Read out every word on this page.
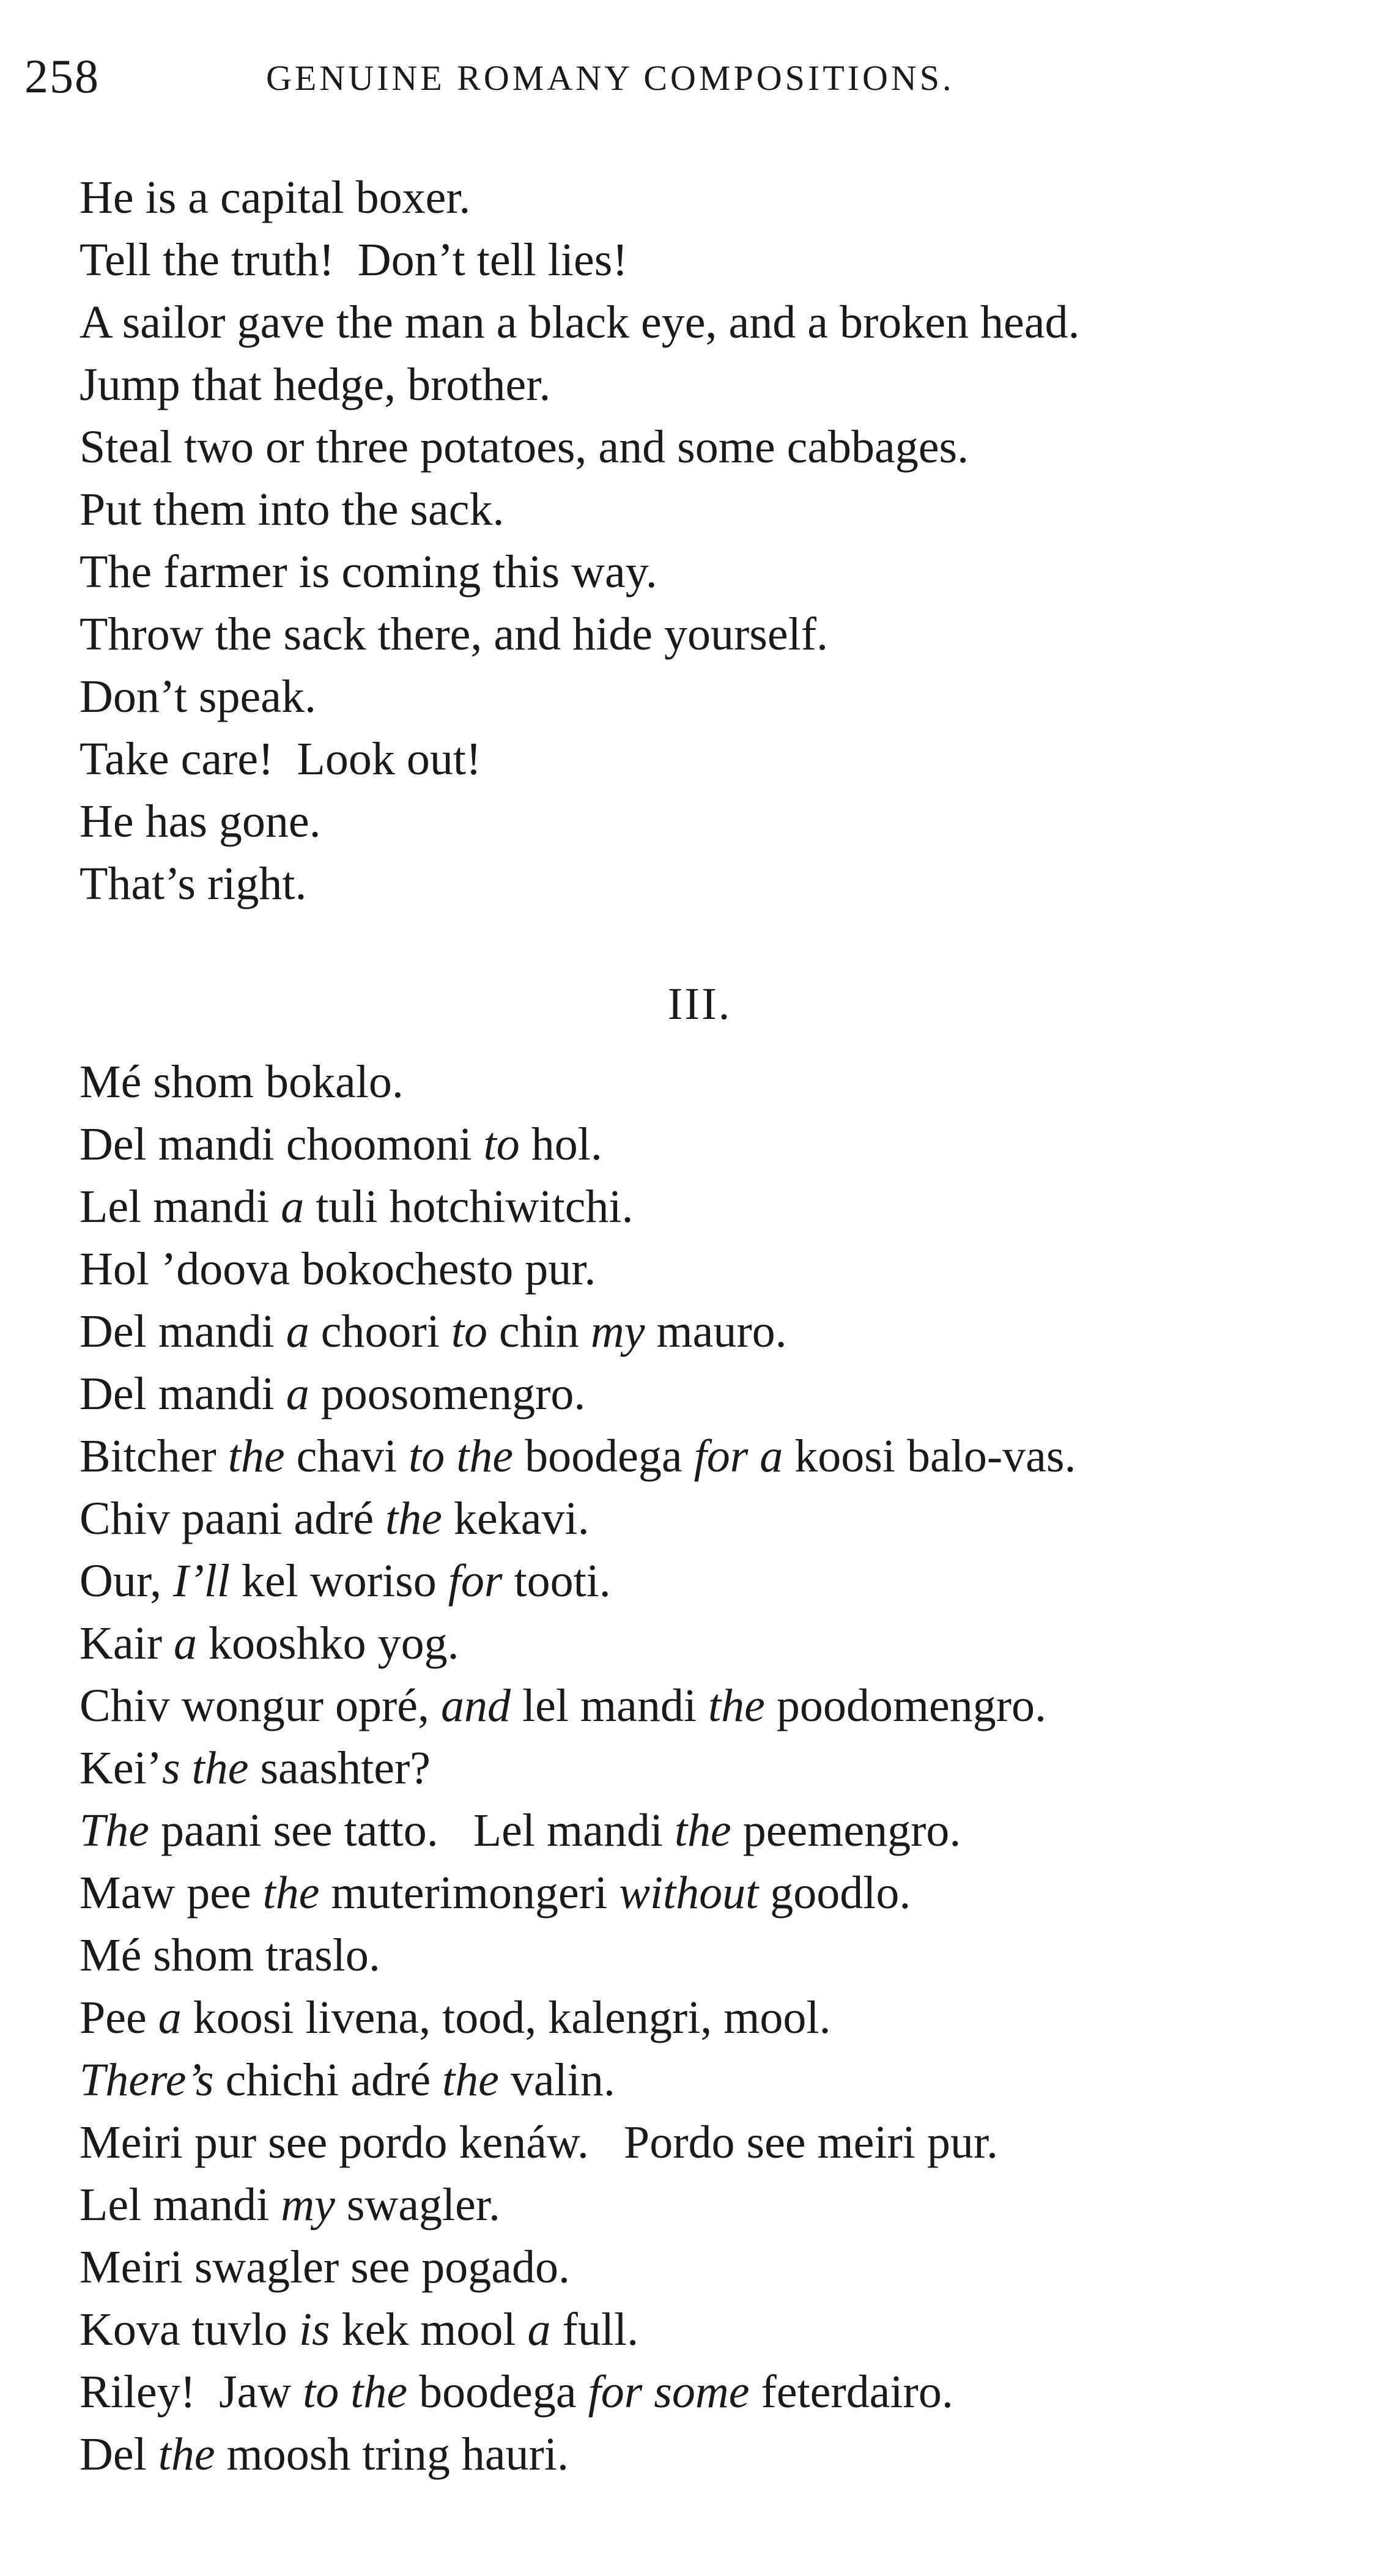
258	GENUINE ROMANY COMPOSITIONS.
He is a capital boxer.
Tell the truth!  Don’t tell lies!
A sailor gave the man a black eye, and a broken head.
Jump that hedge, brother.
Steal two or three potatoes, and some cabbages.
Put them into the sack.
The farmer is coming this way.
Throw the sack there, and hide yourself.
Don’t speak.
Take care!  Look out!
He has gone.
That’s right.
III.
Mé shom bokalo.
Del mandi choomoni to hol.
Lel mandi a tuli hotchiwitchi.
Hol ’doova bokochesto pur.
Del mandi a choori to chin my mauro.
Del mandi a poosomengro.
Bitcher the chavi to the boodega for a koosi balo-vas.
Chiv paani adré the kekavi.
Our, I’ll kel woriso for tooti.
Kair a kooshko yog.
Chiv wongur opré, and lel mandi the poodomengro.
Kei’s the saashter?
The paani see tatto.   Lel mandi the peemengro.
Maw pee the muterimongeri without goodlo.
Mé shom traslo.
Pee a koosi livena, tood, kalengri, mool.
There’s chichi adré the valin.
Meiri pur see pordo kenáw.   Pordo see meiri pur.
Lel mandi my swagler.
Meiri swagler see pogado.
Kova tuvlo is kek mool a full.
Riley!  Jaw to the boodega for some feterdairo.
Del the moosh tring hauri.
